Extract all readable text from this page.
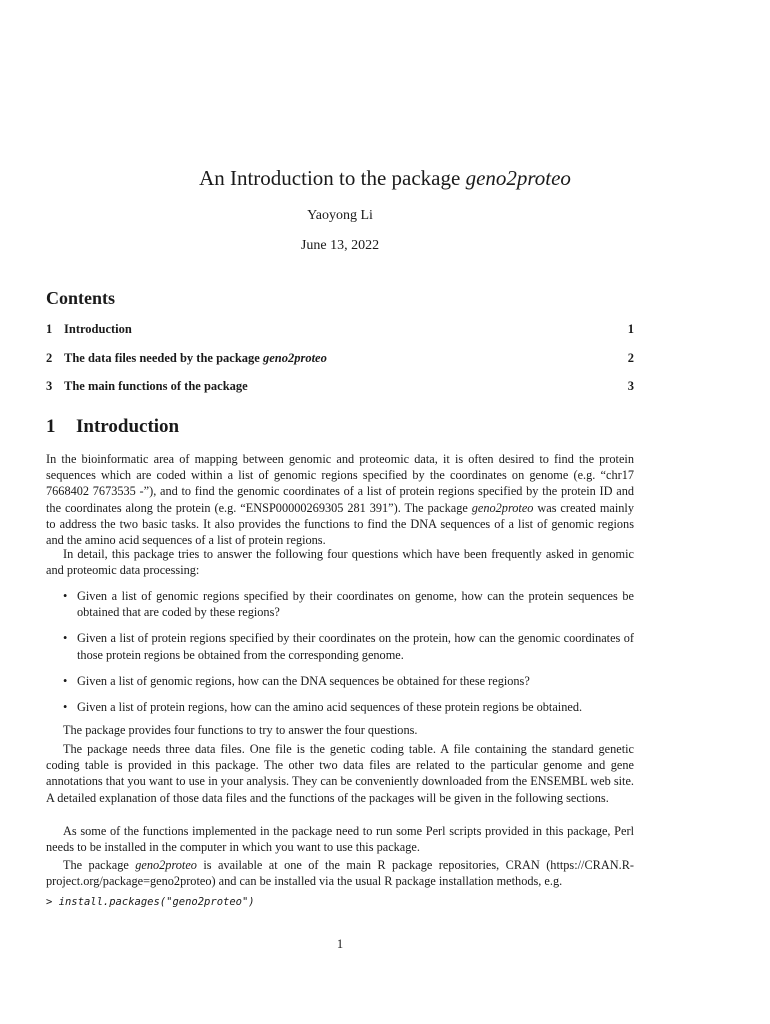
An Introduction to the package geno2proteo
Yaoyong Li
June 13, 2022
Contents
1 Introduction	1
2 The data files needed by the package geno2proteo	2
3 The main functions of the package	3
1	Introduction
In the bioinformatic area of mapping between genomic and proteomic data, it is often desired to find the protein sequences which are coded within a list of genomic regions specified by the coordinates on genome (e.g. “chr17 7668402 7673535 -”), and to find the genomic coordinates of a list of protein regions specified by the protein ID and the coordinates along the protein (e.g. “ENSP00000269305 281 391”). The package geno2proteo was created mainly to address the two basic tasks. It also provides the functions to find the DNA sequences of a list of genomic regions and the amino acid sequences of a list of protein regions.
In detail, this package tries to answer the following four questions which have been frequently asked in genomic and proteomic data processing:
• Given a list of genomic regions specified by their coordinates on genome, how can the protein sequences be obtained that are coded by these regions?
• Given a list of protein regions specified by their coordinates on the protein, how can the genomic coordinates of those protein regions be obtained from the corresponding genome.
• Given a list of genomic regions, how can the DNA sequences be obtained for these regions?
• Given a list of protein regions, how can the amino acid sequences of these protein regions be obtained.
The package provides four functions to try to answer the four questions.
The package needs three data files. One file is the genetic coding table. A file containing the standard genetic coding table is provided in this package. The other two data files are related to the particular genome and gene annotations that you want to use in your analysis. They can be conveniently downloaded from the ENSEMBL web site. A detailed explanation of those data files and the functions of the packages will be given in the following sections.
As some of the functions implemented in the package need to run some Perl scripts provided in this package, Perl needs to be installed in the computer in which you want to use this package.
The package geno2proteo is available at one of the main R package repositories, CRAN (https://CRAN.R-project.org/package=geno2proteo) and can be installed via the usual R package installation methods, e.g.
> install.packages("geno2proteo")
1
